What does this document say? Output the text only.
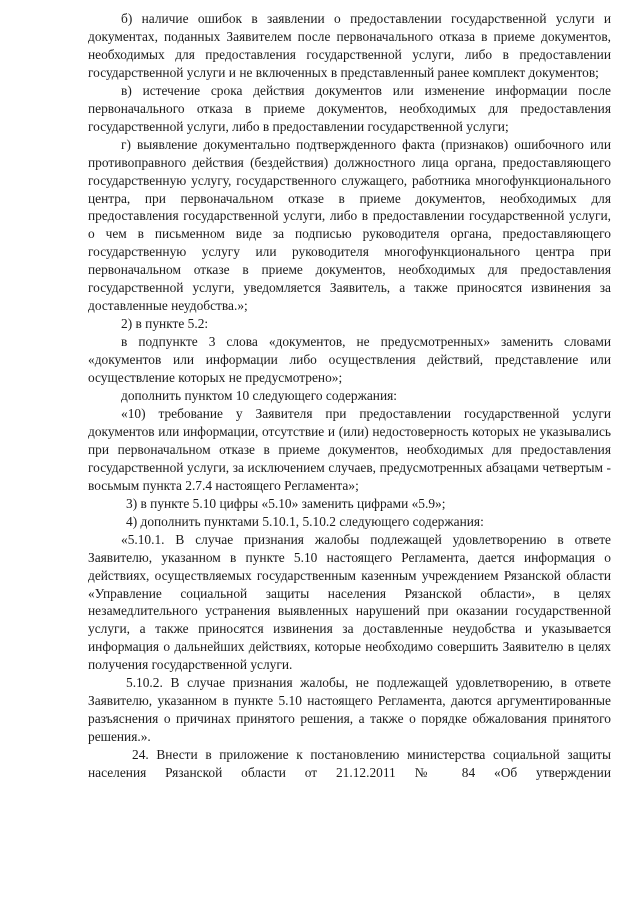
б) наличие ошибок в заявлении о предоставлении государственной услуги и документах, поданных Заявителем после первоначального отказа в приеме документов, необходимых для предоставления государственной услуги, либо в предоставлении государственной услуги и не включенных в представленный ранее комплект документов;

в) истечение срока действия документов или изменение информации после первоначального отказа в приеме документов, необходимых для предоставления государственной услуги, либо в предоставлении государственной услуги;

г) выявление документально подтвержденного факта (признаков) ошибочного или противоправного действия (бездействия) должностного лица органа, предоставляющего государственную услугу, государственного служащего, работника многофункционального центра, при первоначальном отказе в приеме документов, необходимых для предоставления государственной услуги, либо в предоставлении государственной услуги, о чем в письменном виде за подписью руководителя органа, предоставляющего государственную услугу или руководителя многофункционального центра при первоначальном отказе в приеме документов, необходимых для предоставления государственной услуги, уведомляется Заявитель, а также приносятся извинения за доставленные неудобства.»;

2) в пункте 5.2:

в подпункте 3 слова «документов, не предусмотренных» заменить словами «документов или информации либо осуществления действий, представление или осуществление которых не предусмотрено»;

дополнить пунктом 10 следующего содержания:

«10) требование у Заявителя при предоставлении государственной услуги документов или информации, отсутствие и (или) недостоверность которых не указывались при первоначальном отказе в приеме документов, необходимых для предоставления государственной услуги, за исключением случаев, предусмотренных абзацами четвертым - восьмым пункта 2.7.4 настоящего Регламента»;

3) в пункте 5.10 цифры «5.10» заменить цифрами «5.9»;

4) дополнить пунктами 5.10.1, 5.10.2 следующего содержания:

«5.10.1. В случае признания жалобы подлежащей удовлетворению в ответе Заявителю, указанном в пункте 5.10 настоящего Регламента, дается информация о действиях, осуществляемых государственным казенным учреждением Рязанской области «Управление социальной защиты населения Рязанской области», в целях незамедлительного устранения выявленных нарушений при оказании государственной услуги, а также приносятся извинения за доставленные неудобства и указывается информация о дальнейших действиях, которые необходимо совершить Заявителю в целях получения государственной услуги.

5.10.2. В случае признания жалобы, не подлежащей удовлетворению, в ответе Заявителю, указанном в пункте 5.10 настоящего Регламента, даются аргументированные разъяснения о причинах принятого решения, а также о порядке обжалования принятого решения.».

24. Внести в приложение к постановлению министерства социальной защиты населения Рязанской области от 21.12.2011 № 84 «Об утверждении
